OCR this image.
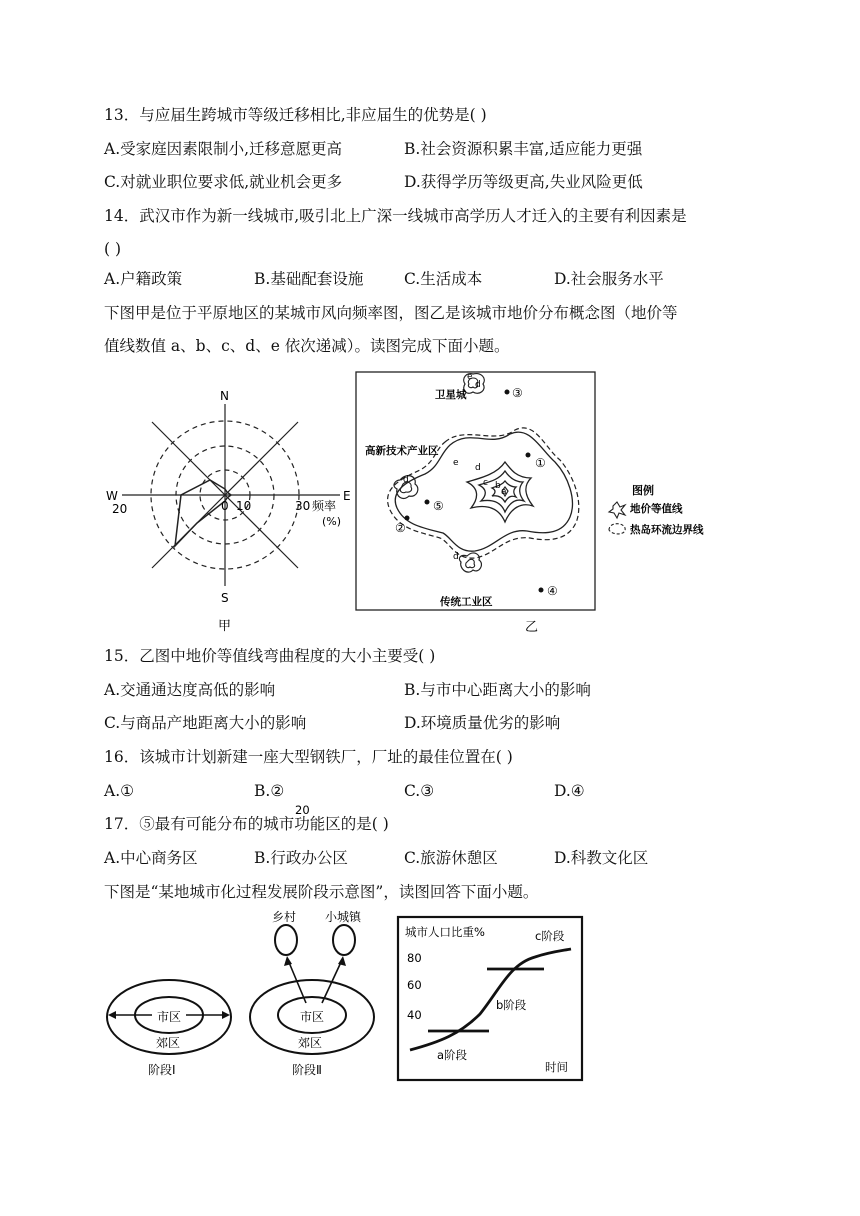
13．与应届生跨城市等级迁移相比,非应届生的优势是( )
A.受家庭因素限制小,迁移意愿更高	B.社会资源积累丰富,适应能力更强
C.对就业职位要求低,就业机会更多	D.获得学历等级更高,失业风险更低
14．武汉市作为新一线城市,吸引北上广深一线城市高学历人才迁入的主要有利因素是
( )
A.户籍政策	B.基础配套设施	C.生活成本	D.社会服务水平
下图甲是位于平原地区的某城市风向频率图，图乙是该城市地价分布概念图（地价等
值线数值 a、b、c、d、e 依次递减）。读图完成下面小题。
N
S
E
W
0 10
20	30 频率
(%)
甲
d
e
d
c b
a
e
d
d
卫星城
高新技术产业区
传统工业区
③
①
②
⑤
④
图例
地价等值线
热岛环流边界线
乙
15．乙图中地价等值线弯曲程度的大小主要受( )
A.交通通达度高低的影响	B.与市中心距离大小的影响
C.与商品产地距离大小的影响	D.环境质量优劣的影响
16．该城市计划新建一座大型钢铁厂，厂址的最佳位置在( )
A.①	B.②	C.③	D.④
17．⑤最有可能分布的城市功能区的是( )
A.中心商务区	B.行政办公区	C.旅游休憩区	D.科教文化区
下图是“某地城市化过程发展阶段示意图”，读图回答下面小题。
市区
郊区
阶段Ⅰ
市区
郊区
阶段Ⅱ
乡村 小城镇
城市人口比重%
时间
80
60
40
20
a阶段
b阶段
c阶段
